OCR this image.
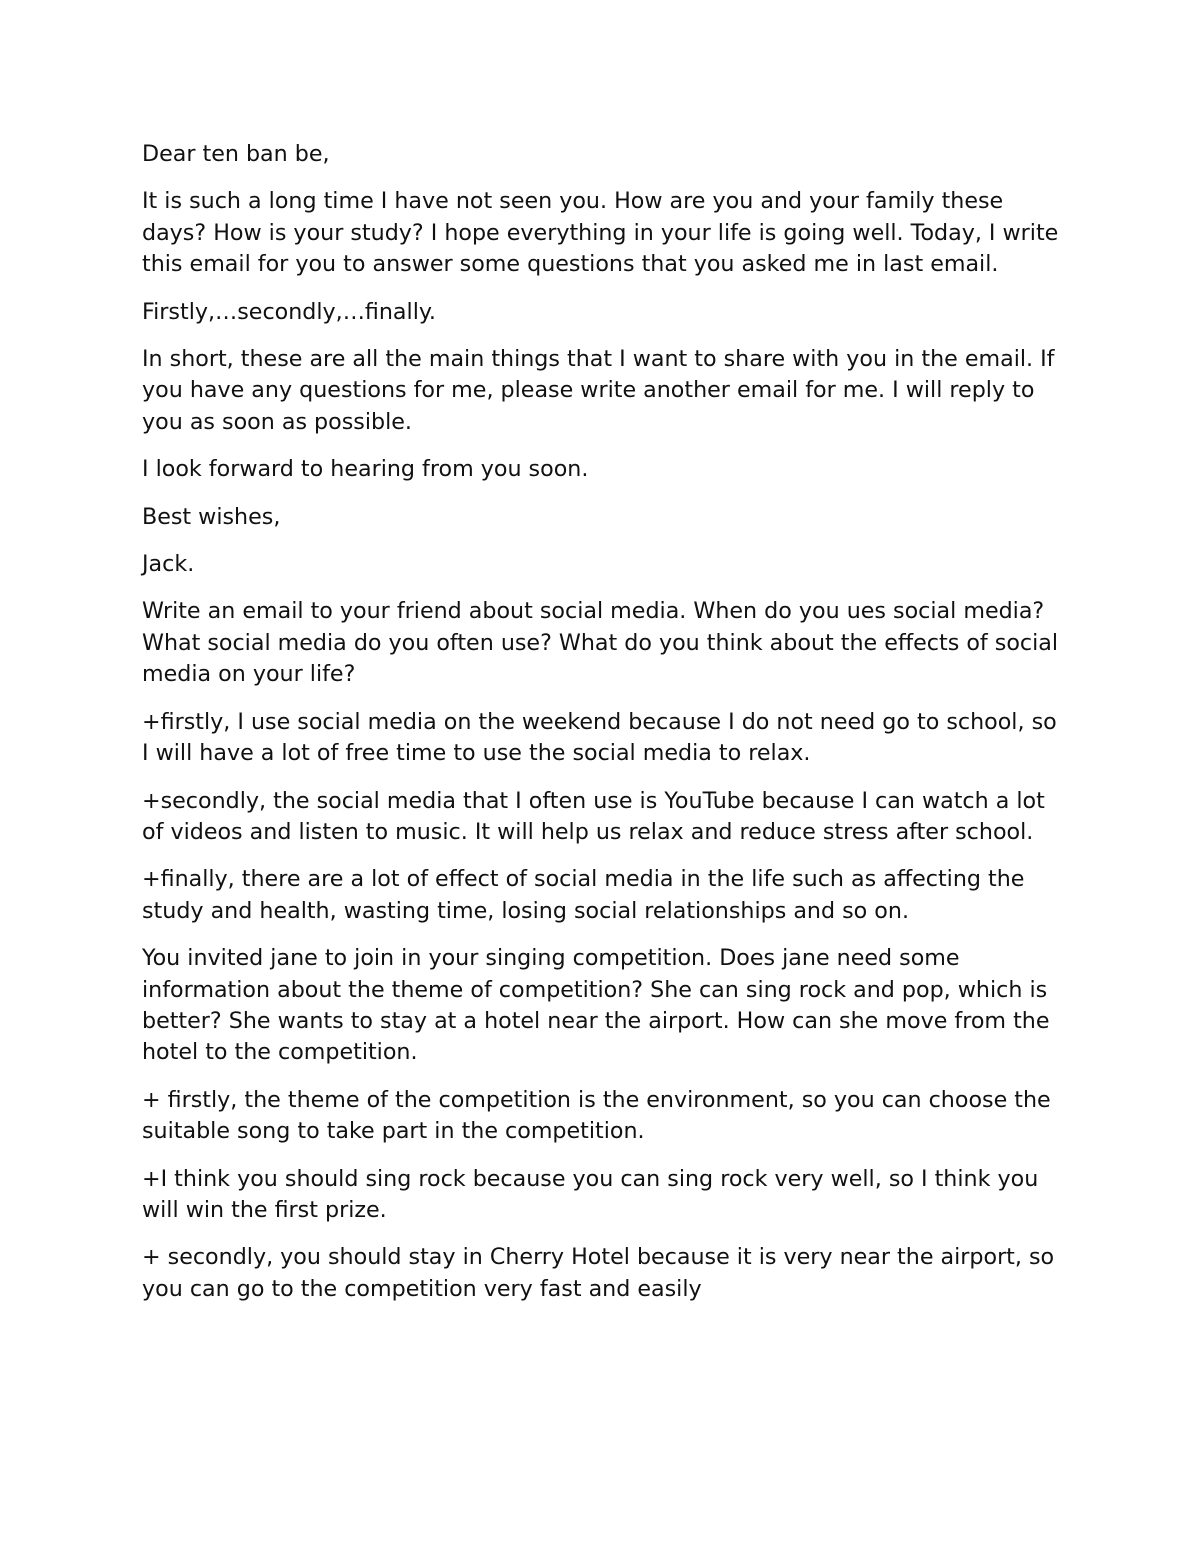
Dear ten ban be,

It is such a long time I have not seen you. How are you and your family these days? How is your study? I hope everything in your life is going well. Today, I write this email for you to answer some questions that you asked me in last email.

Firstly,…secondly,…finally.

In short, these are all the main things that I want to share with you in the email. If you have any questions for me, please write another email for me. I will reply to you as soon as possible.

I look forward to hearing from you soon.

Best wishes,

Jack.

Write an email to your friend about social media. When do you ues social media? What social media do you often use? What do you think about the effects of social media on your life?

+firstly, I use social media on the weekend because I do not need go to school, so I will have a lot of free time to use the social media to relax.

+secondly, the social media that I often use is YouTube because I can watch a lot of videos and listen to music. It will help us relax and reduce stress after school.

+finally, there are a lot of effect of social media in the life such as affecting the study and health, wasting time, losing social relationships and so on.

You invited jane to join in your singing competition. Does jane need some information about the theme of competition? She can sing rock and pop, which is better? She wants to stay at a hotel near the airport. How can she move from the hotel to the competition.

+ firstly, the theme of the competition is the environment, so you can choose the suitable song to take part in the competition.

+I think you should sing rock because you can sing rock very well, so I think you will win the first prize.

+ secondly, you should stay in Cherry Hotel because it is very near the airport, so you can go to the competition very fast and easily
